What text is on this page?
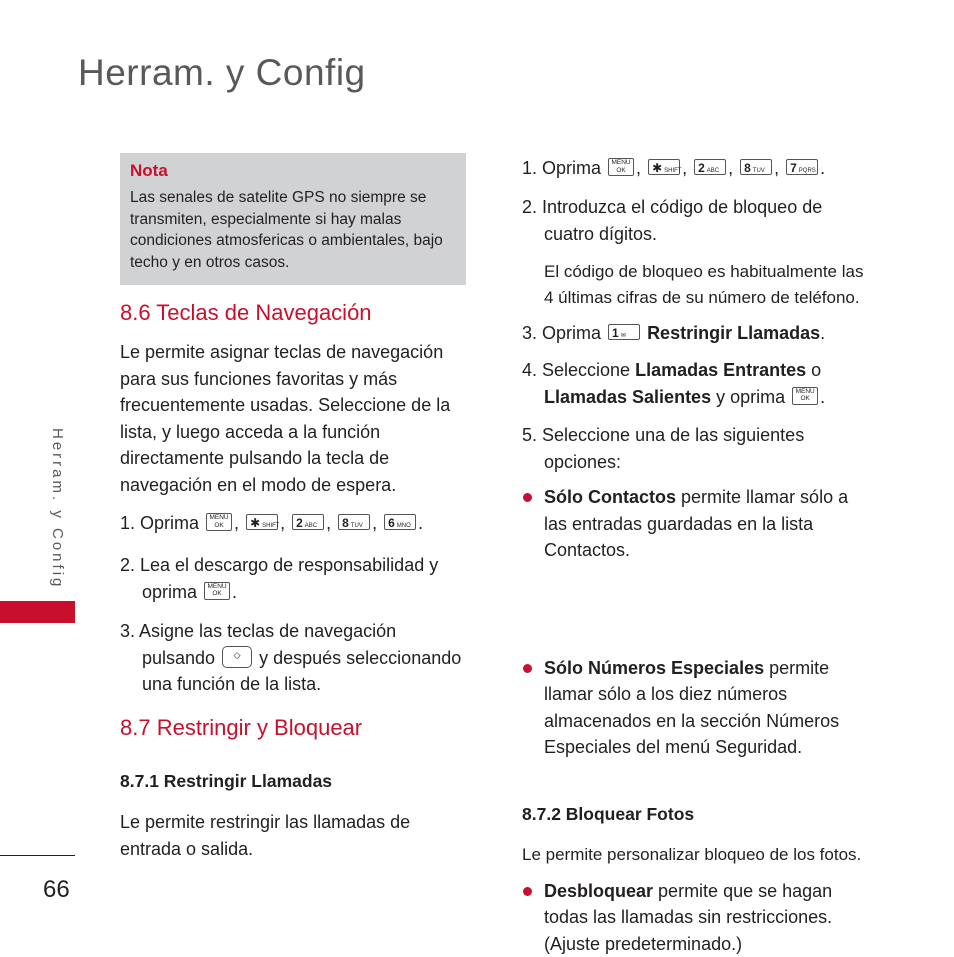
Herram. y Config
Herram. y Config
66
Nota
Las senales de satelite GPS no siempre se transmiten, especialmente si hay malas condiciones atmosfericas o ambientales, bajo techo y en otros casos.
8.6 Teclas de Navegación
Le permite asignar teclas de navegación para sus funciones favoritas y más frecuentemente usadas. Seleccione de la lista, y luego acceda a la función directamente pulsando la tecla de navegación en el modo de espera.
1. Oprima MENU
OK , ✱ SHIFT, 2 ABC , 8 TUV , 6 MNO .
2. Lea el descargo de responsabilidad y
oprima MENU
OK .
3. Asigne las teclas de navegación
pulsando ◇ y después seleccionando
una función de la lista.
8.7 Restringir y Bloquear
8.7.1 Restringir Llamadas
Le permite restringir las llamadas de entrada o salida.
1. Oprima MENU
OK , ✱ SHIFT, 2 ABC , 8 TUV , 7 PQRS .
2. Introduzca el código de bloqueo de cuatro dígitos.
El código de bloqueo es habitualmente las 4 últimas cifras de su número de teléfono.
3. Oprima 1 ✉ Restringir Llamadas.
4. Seleccione Llamadas Entrantes o
Llamadas Salientes y oprima MENU
OK .
5. Seleccione una de las siguientes opciones:
Sólo Contactos permite llamar sólo a las entradas guardadas en la lista Contactos.
Sólo Números Especiales permite llamar sólo a los diez números almacenados en la sección Números Especiales del menú Seguridad.
Desbloquear permite que se hagan todas las llamadas sin restricciones. (Ajuste predeterminado.)
8.7.2 Bloquear Fotos
Le permite personalizar bloqueo de los fotos.
